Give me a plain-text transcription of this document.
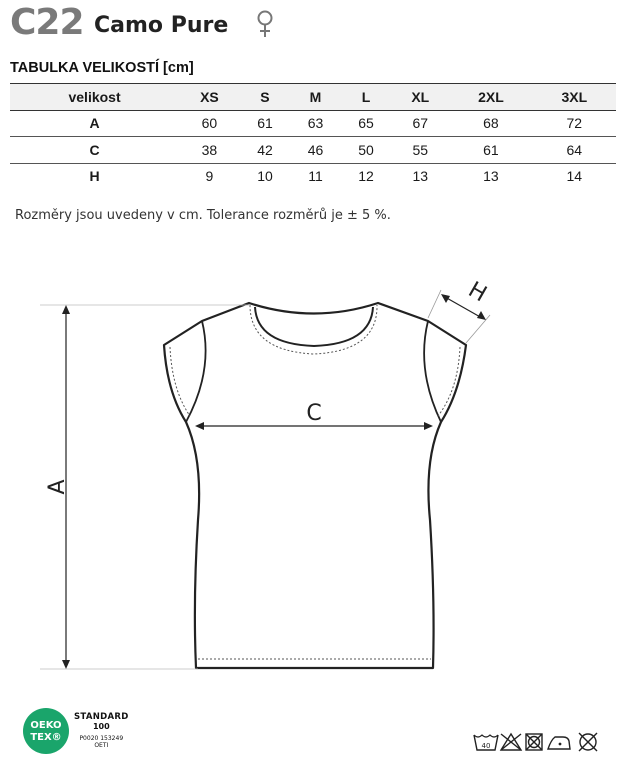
C22 Camo Pure
TABULKA VELIKOSTÍ [cm]
velikost	XS	S	M	L	XL	2XL	3XL
A	60	61	63	65	67	68	72
C	38	42	46	50	55	61	64
H	9	10	11	12	13	13	14
Rozměry jsou uvedeny v cm. Tolerance rozměrů je ± 5 %.
A
C
H
OEKO
TEX®
STANDARD
100
P0020 153249
OETI	40
